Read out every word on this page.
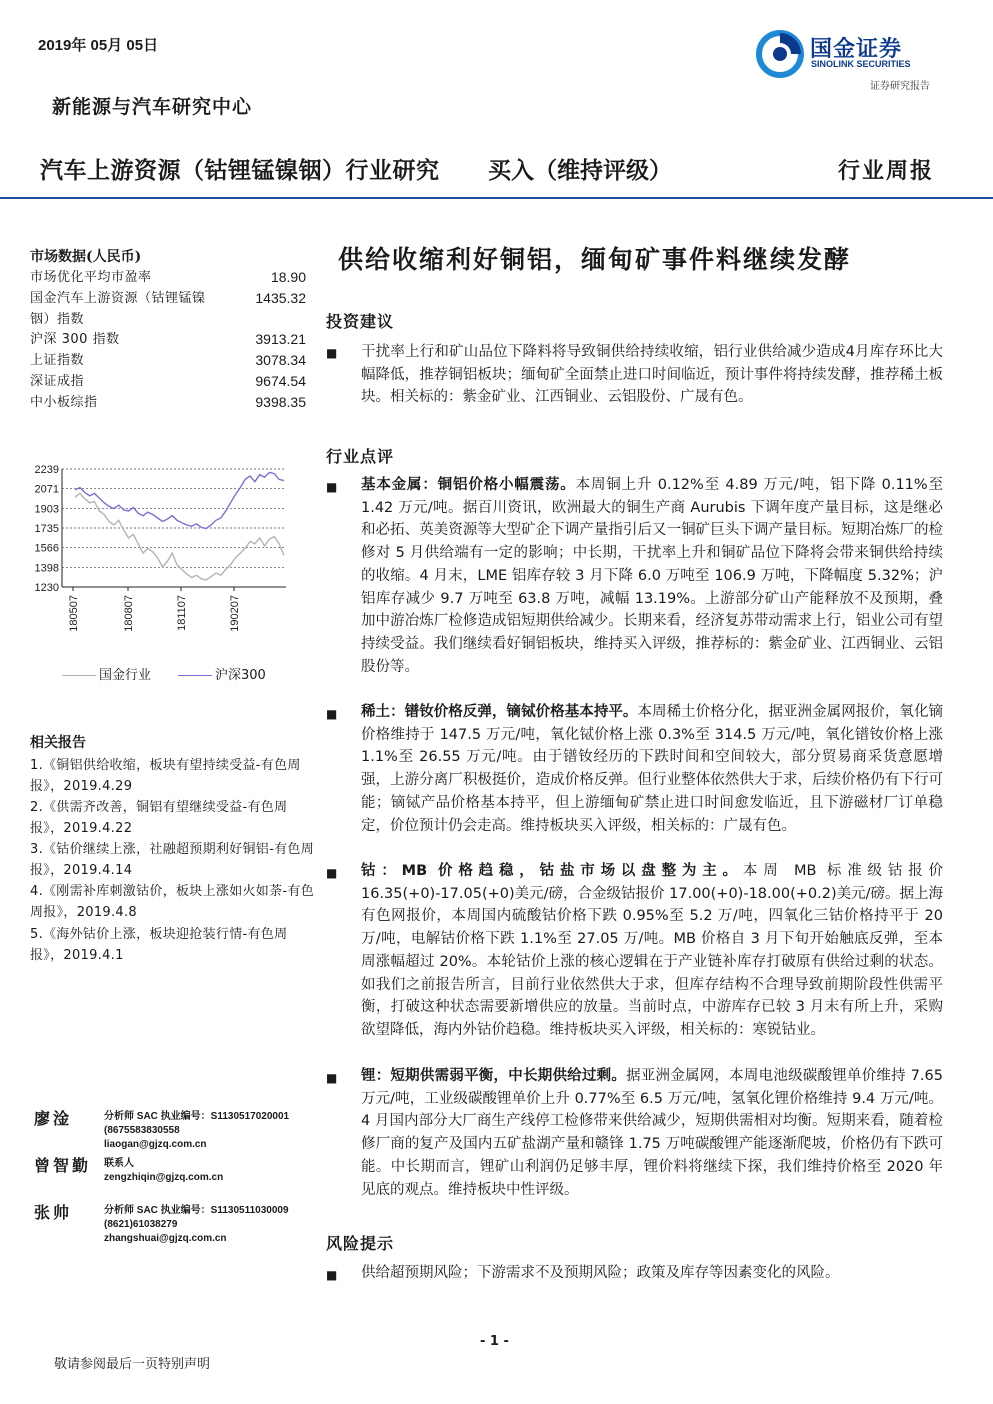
2019年 05月 05日
新能源与汽车研究中心
国金证券
SINOLINK SECURITIES
证券研究报告
汽车上游资源（钴锂锰镍铟）行业研究 买入（维持评级）	行业周报
市场数据(人民币)
市场优化平均市盈率	18.90
国金汽车上游资源（钴锂锰镍铟）指数
1435.32
沪深 300 指数	3913.21
上证指数	3078.34
深证成指	9674.54
中小板综指	9398.35
2239
2071
1903
1735
1566
1398
1230
180507	180807	181107	190207
国金行业	沪深300
相关报告
1.《铜铝供给收缩，板块有望持续受益-有色周报》，2019.4.29
2.《供需齐改善，铜铝有望继续受益-有色周报》，2019.4.22
3.《钴价继续上涨，社融超预期利好铜铝-有色周报》，2019.4.14
4.《刚需补库刺激钴价，板块上涨如火如荼-有色周报》，2019.4.8
5.《海外钴价上涨，板块迎抢装行情-有色周报》，2019.4.1
廖淦	分析师 SAC 执业编号：S1130517020001
(8675583830558
liaogan@gjzq.com.cn
曾智勤 联系人
zengzhiqin@gjzq.com.cn
张帅	分析师 SAC 执业编号：S1130511030009
(8621)61038279
zhangshuai@gjzq.com.cn
供给收缩利好铜铝，缅甸矿事件料继续发酵
投资建议
■ 干扰率上行和矿山品位下降料将导致铜供给持续收缩，铝行业供给减少造成4月库存环比大幅降低，推荐铜铝板块；缅甸矿全面禁止进口时间临近，预计事件将持续发酵，推荐稀土板块。相关标的：紫金矿业、江西铜业、云铝股份、广晟有色。
行业点评
■ 基本金属：铜铝价格小幅震荡。本周铜上升 0.12%至 4.89 万元/吨，铝下降 0.11%至 1.42 万元/吨。据百川资讯，欧洲最大的铜生产商 Aurubis 下调年度产量目标，这是继必和必拓、英美资源等大型矿企下调产量指引后又一铜矿巨头下调产量目标。短期冶炼厂的检修对 5 月供给端有一定的影响；中长期，干扰率上升和铜矿品位下降将会带来铜供给持续的收缩。4 月末，LME 铝库存较 3 月下降 6.0 万吨至 106.9 万吨，下降幅度 5.32%；沪铝库存减少 9.7 万吨至 63.8 万吨，减幅 13.19%。上游部分矿山产能释放不及预期，叠加中游冶炼厂检修造成铝短期供给减少。长期来看，经济复苏带动需求上行，铝业公司有望持续受益。我们继续看好铜铝板块，维持买入评级，推荐标的：紫金矿业、江西铜业、云铝股份等。
■ 稀土：镨钕价格反弹，镝铽价格基本持平。本周稀土价格分化，据亚洲金属网报价，氧化镝价格维持于 147.5 万元/吨，氧化铽价格上涨 0.3%至 314.5 万元/吨，氧化镨钕价格上涨 1.1%至 26.55 万元/吨。由于镨钕经历的下跌时间和空间较大，部分贸易商采货意愿增强，上游分离厂积极挺价，造成价格反弹。但行业整体依然供大于求，后续价格仍有下行可能；镝铽产品价格基本持平，但上游缅甸矿禁止进口时间愈发临近，且下游磁材厂订单稳定，价位预计仍会走高。维持板块买入评级，相关标的：广晟有色。
■ 钴：MB 价格趋稳，钴盐市场以盘整为主。本周 MB 标准级钴报价 16.35(+0)-17.05(+0)美元/磅，合金级钴报价 17.00(+0)-18.00(+0.2)美元/磅。据上海有色网报价，本周国内硫酸钴价格下跌 0.95%至 5.2 万/吨，四氧化三钴价格持平于 20 万/吨，电解钴价格下跌 1.1%至 27.05 万/吨。MB 价格自 3 月下旬开始触底反弹，至本周涨幅超过 20%。本轮钴价上涨的核心逻辑在于产业链补库存打破原有供给过剩的状态。如我们之前报告所言，目前行业依然供大于求，但库存结构不合理导致前期阶段性供需平衡，打破这种状态需要新增供应的放量。当前时点，中游库存已较 3 月末有所上升，采购欲望降低，海内外钴价趋稳。维持板块买入评级，相关标的：寒锐钴业。
■ 锂：短期供需弱平衡，中长期供给过剩。据亚洲金属网，本周电池级碳酸锂单价维持 7.65 万元/吨，工业级碳酸锂单价上升 0.77%至 6.5 万元/吨，氢氧化锂价格维持 9.4 万元/吨。4 月国内部分大厂商生产线停工检修带来供给减少，短期供需相对均衡。短期来看，随着检修厂商的复产及国内五矿盐湖产量和赣锋 1.75 万吨碳酸锂产能逐渐爬坡，价格仍有下跌可能。中长期而言，锂矿山利润仍足够丰厚，锂价料将继续下探，我们维持价格至 2020 年见底的观点。维持板块中性评级。
风险提示
■ 供给超预期风险；下游需求不及预期风险；政策及库存等因素变化的风险。
- 1 -
敬请参阅最后一页特别声明
